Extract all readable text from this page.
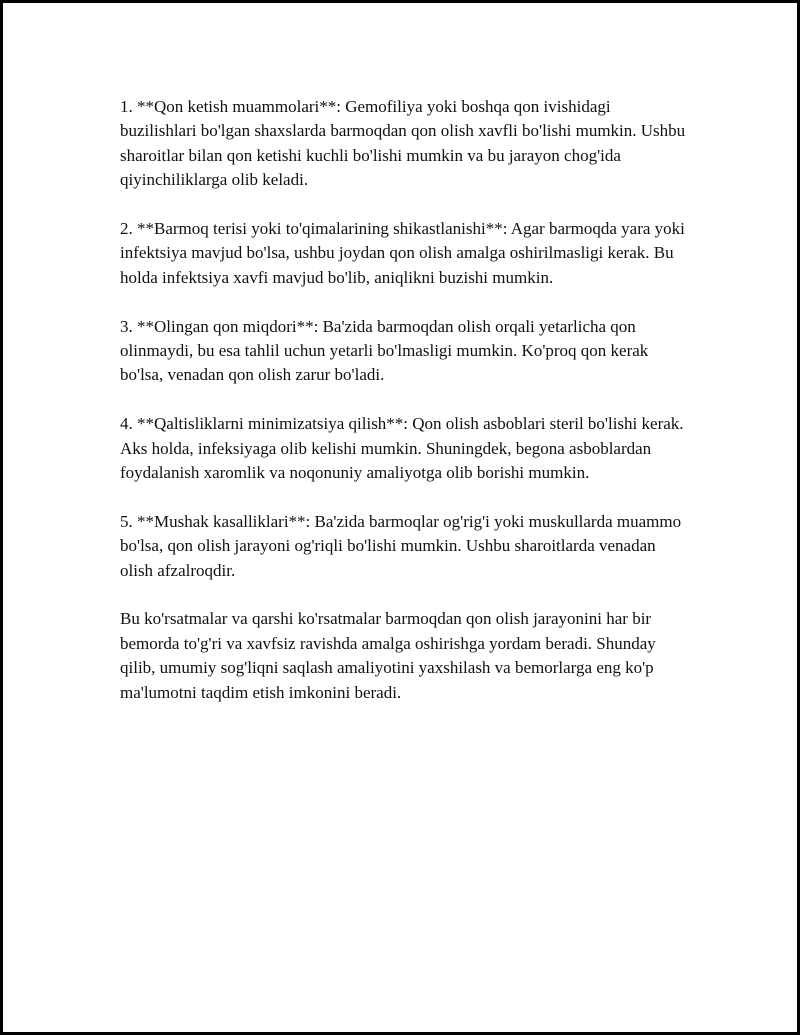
1. **Qon ketish muammolari**: Gemofiliya yoki boshqa qon ivishidagi buzilishlari bo'lgan shaxslarda barmoqdan qon olish xavfli bo'lishi mumkin. Ushbu sharoitlar bilan qon ketishi kuchli bo'lishi mumkin va bu jarayon chog'ida qiyinchiliklarga olib keladi.

2. **Barmoq terisi yoki to'qimalarining shikastlanishi**: Agar barmoqda yara yoki infektsiya mavjud bo'lsa, ushbu joydan qon olish amalga oshirilmasligi kerak. Bu holda infektsiya xavfi mavjud bo'lib, aniqlikni buzishi mumkin.

3. **Olingan qon miqdori**: Ba'zida barmoqdan olish orqali yetarlicha qon olinmaydi, bu esa tahlil uchun yetarli bo'lmasligi mumkin. Ko'proq qon kerak bo'lsa, venadan qon olish zarur bo'ladi.

4. **Qaltisliklarni minimizatsiya qilish**: Qon olish asboblari steril bo'lishi kerak. Aks holda, infeksiyaga olib kelishi mumkin. Shuningdek, begona asboblardan foydalanish xaromlik va noqonuniy amaliyotga olib borishi mumkin.

5. **Mushak kasalliklari**: Ba'zida barmoqlar og'rig'i yoki muskullarda muammo bo'lsa, qon olish jarayoni og'riqli bo'lishi mumkin. Ushbu sharoitlarda venadan olish afzalroqdir.

Bu ko'rsatmalar va qarshi ko'rsatmalar barmoqdan qon olish jarayonini har bir bemorda to'g'ri va xavfsiz ravishda amalga oshirishga yordam beradi. Shunday qilib, umumiy sog'liqni saqlash amaliyotini yaxshilash va bemorlarga eng ko'p ma'lumotni taqdim etish imkonini beradi.
